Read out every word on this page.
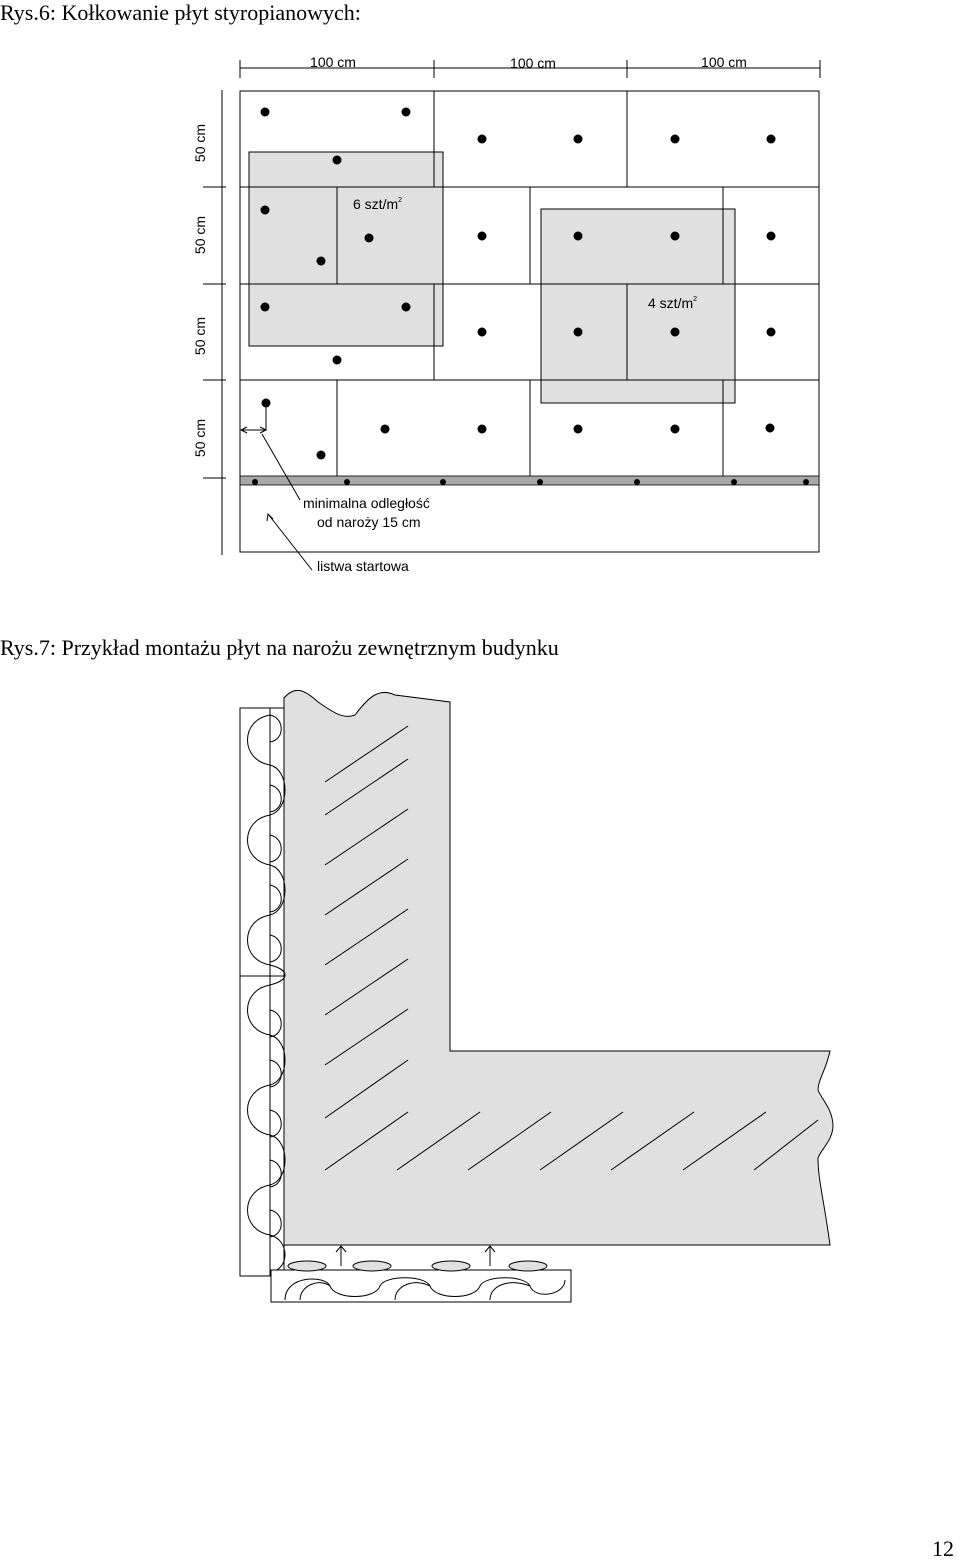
Rys.6: Kołkowanie płyt styropianowych:
100 cm	100 cm	100 cm
50 cm
50 cm
50 cm
50 cm
6 szt/$m^2$
4 szt/$m^2$
minimalna odległość
od naroży 15 cm
listwa startowa
Rys.7: Przykład montażu płyt na narożu zewnętrznym budynku
12
